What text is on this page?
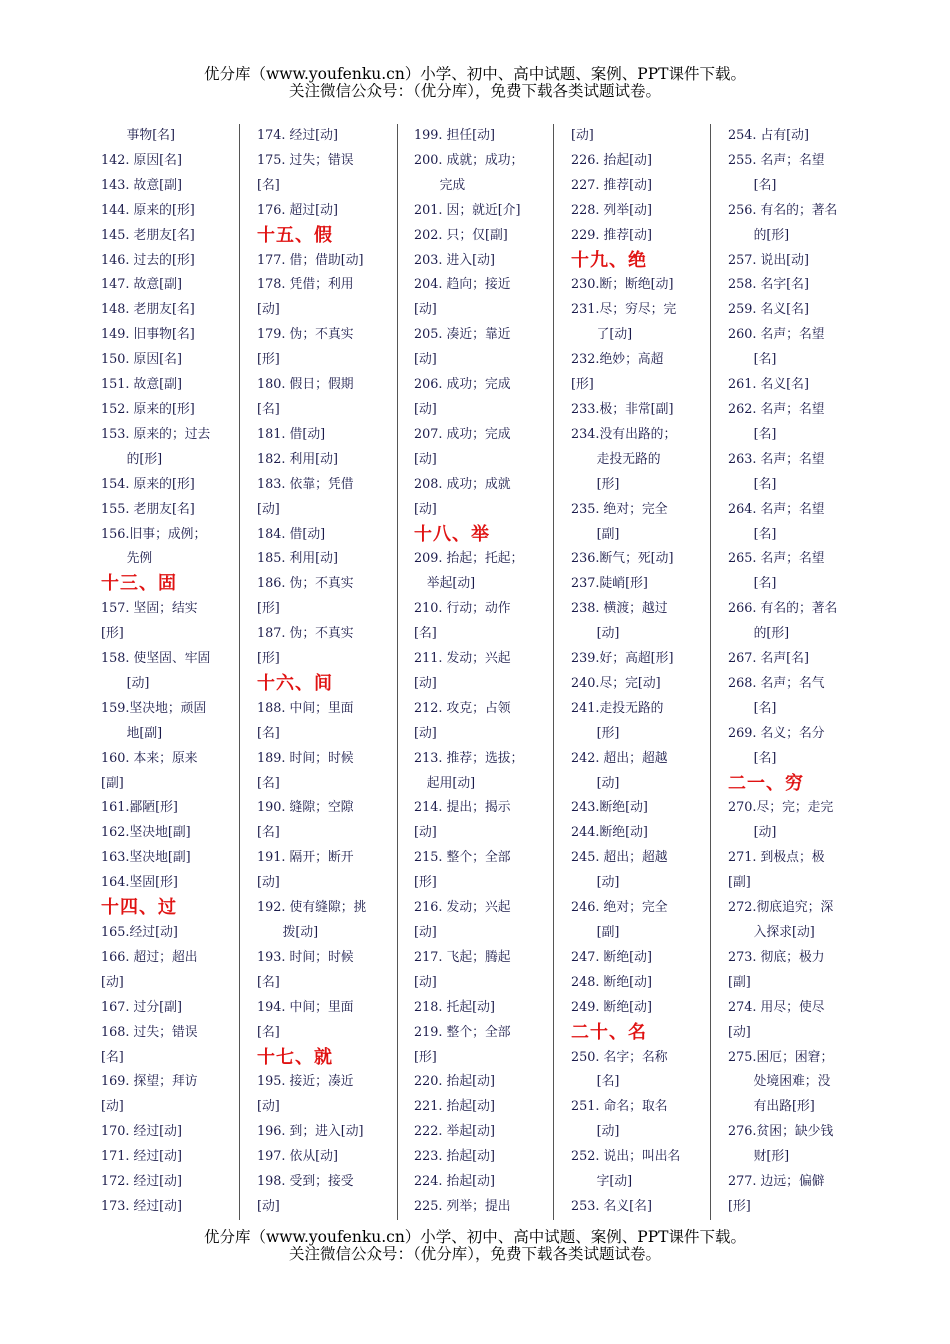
优分库（www.youfenku.cn）小学、初中、高中试题、案例、PPT课件下载。
关注微信公众号：（优分库），免费下载各类试题试卷。
　　事物[名]
142. 原因[名]
143. 故意[副]
144. 原来的[形]
145. 老朋友[名]
146. 过去的[形]
147. 故意[副]
148. 老朋友[名]
149. 旧事物[名]
150. 原因[名]
151. 故意[副]
152. 原来的[形]
153. 原来的；过去
　　的[形]
154. 原来的[形]
155. 老朋友[名]
156.旧事；成例；
　　先例
十三、固
157. 坚固；结实
[形]
158. 使坚固、牢固
　　[动]
159.坚决地；顽固
　　地[副]
160. 本来；原来
[副]
161.鄙陋[形]
162.坚决地[副]
163.坚决地[副]
164.坚固[形]
十四、过
165.经过[动]
166. 超过；超出
[动]
167. 过分[副]
168. 过失；错误
[名]
169. 探望；拜访
[动]
170. 经过[动]
171. 经过[动]
172. 经过[动]
173. 经过[动]
174. 经过[动]
175. 过失；错误
[名]
176. 超过[动]
十五、假
177. 借；借助[动]
178. 凭借；利用
[动]
179. 伪；不真实
[形]
180. 假日；假期
[名]
181. 借[动]
182. 利用[动]
183. 依靠；凭借
[动]
184. 借[动]
185. 利用[动]
186. 伪；不真实
[形]
187. 伪；不真实
[形]
十六、间
188. 中间；里面
[名]
189. 时间；时候
[名]
190. 缝隙；空隙
[名]
191. 隔开；断开
[动]
192. 使有缝隙；挑
　　拨[动]
193. 时间；时候
[名]
194. 中间；里面
[名]
十七、就
195. 接近；凑近
[动]
196. 到；进入[动]
197. 依从[动]
198. 受到；接受
[动]
199. 担任[动]
200. 成就；成功；
　　完成
201. 因；就近[介]
202. 只；仅[副]
203. 进入[动]
204. 趋向；接近
[动]
205. 凑近；靠近
[动]
206. 成功；完成
[动]
207. 成功；完成
[动]
208. 成功；成就
[动]
十八、举
209. 抬起；托起；
　举起[动]
210. 行动；动作
[名]
211. 发动；兴起
[动]
212. 攻克；占领
[动]
213. 推荐；选拔；
　起用[动]
214. 提出；揭示
[动]
215. 整个；全部
[形]
216. 发动；兴起
[动]
217. 飞起；腾起
[动]
218. 托起[动]
219. 整个；全部
[形]
220. 抬起[动]
221. 抬起[动]
222. 举起[动]
223. 抬起[动]
224. 抬起[动]
225. 列举；提出
[动]
226. 抬起[动]
227. 推荐[动]
228. 列举[动]
229. 推荐[动]
十九、绝
230.断；断绝[动]
231.尽；穷尽；完
　　了[动]
232.绝妙；高超
[形]
233.极；非常[副]
234.没有出路的；
　　走投无路的
　　[形]
235. 绝对；完全
　　[副]
236.断气；死[动]
237.陡峭[形]
238. 横渡；越过
　　[动]
239.好；高超[形]
240.尽；完[动]
241.走投无路的
　　[形]
242. 超出；超越
　　[动]
243.断绝[动]
244.断绝[动]
245. 超出；超越
　　[动]
246. 绝对；完全
　　[副]
247. 断绝[动]
248. 断绝[动]
249. 断绝[动]
二十、名
250. 名字；名称
　　[名]
251. 命名；取名
　　[动]
252. 说出；叫出名
　　字[动]
253. 名义[名]
254. 占有[动]
255. 名声；名望
　　[名]
256. 有名的；著名
　　的[形]
257. 说出[动]
258. 名字[名]
259. 名义[名]
260. 名声；名望
　　[名]
261. 名义[名]
262. 名声；名望
　　[名]
263. 名声；名望
　　[名]
264. 名声；名望
　　[名]
265. 名声；名望
　　[名]
266. 有名的；著名
　　的[形]
267. 名声[名]
268. 名声；名气
　　[名]
269. 名义；名分
　　[名]
二一、穷
270.尽；完；走完
　　[动]
271. 到极点；极
[副]
272.彻底追究；深
　　入探求[动]
273. 彻底；极力
[副]
274. 用尽；使尽
[动]
275.困厄；困窘；
　　处境困难；没
　　有出路[形]
276.贫困；缺少钱
　　财[形]
277. 边远；偏僻
[形]
优分库（www.youfenku.cn）小学、初中、高中试题、案例、PPT课件下载。
关注微信公众号：（优分库），免费下载各类试题试卷。
